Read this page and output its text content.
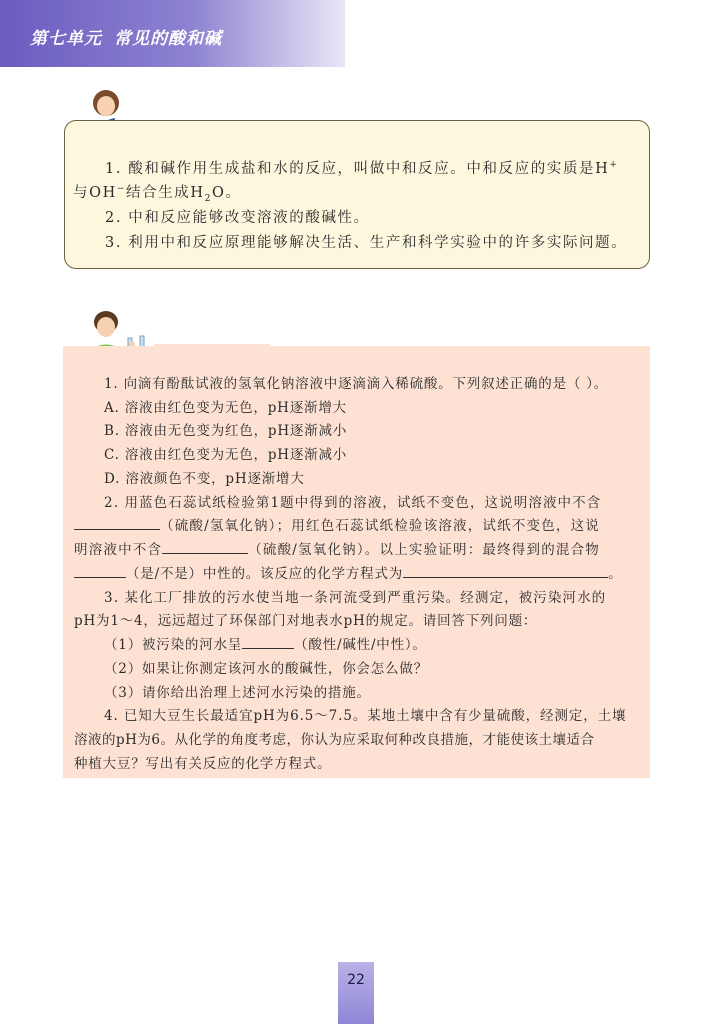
第七单元 常见的酸和碱
1. 酸和碱作用生成盐和水的反应，叫做中和反应。中和反应的实质是H+
与OH−结合生成$H_2O$。
2. 中和反应能够改变溶液的酸碱性。
3. 利用中和反应原理能够解决生活、生产和科学实验中的许多实际问题。
1. 向滴有酚酞试液的氢氧化钠溶液中逐滴滴入稀硫酸。下列叙述正确的是（ ）。
A. 溶液由红色变为无色，pH逐渐增大
B. 溶液由无色变为红色，pH逐渐减小
C. 溶液由红色变为无色，pH逐渐减小
D. 溶液颜色不变，pH逐渐增大
2. 用蓝色石蕊试纸检验第1题中得到的溶液，试纸不变色，这说明溶液中不含
（硫酸/氢氧化钠）；用红色石蕊试纸检验该溶液，试纸不变色，这说
明溶液中不含	（硫酸/氢氧化钠）。以上实验证明：最终得到的混合物
（是/不是）中性的。该反应的化学方程式为	。
3. 某化工厂排放的污水使当地一条河流受到严重污染。经测定，被污染河水的
pH为1～4，远远超过了环保部门对地表水pH的规定。请回答下列问题：
（1）被污染的河水呈	（酸性/碱性/中性）。
（2）如果让你测定该河水的酸碱性，你会怎么做？
（3）请你给出治理上述河水污染的措施。
4. 已知大豆生长最适宜pH为6.5～7.5。某地土壤中含有少量硫酸，经测定，土壤
溶液的pH为6。从化学的角度考虑，你认为应采取何种改良措施，才能使该土壤适合
种植大豆？写出有关反应的化学方程式。
22
